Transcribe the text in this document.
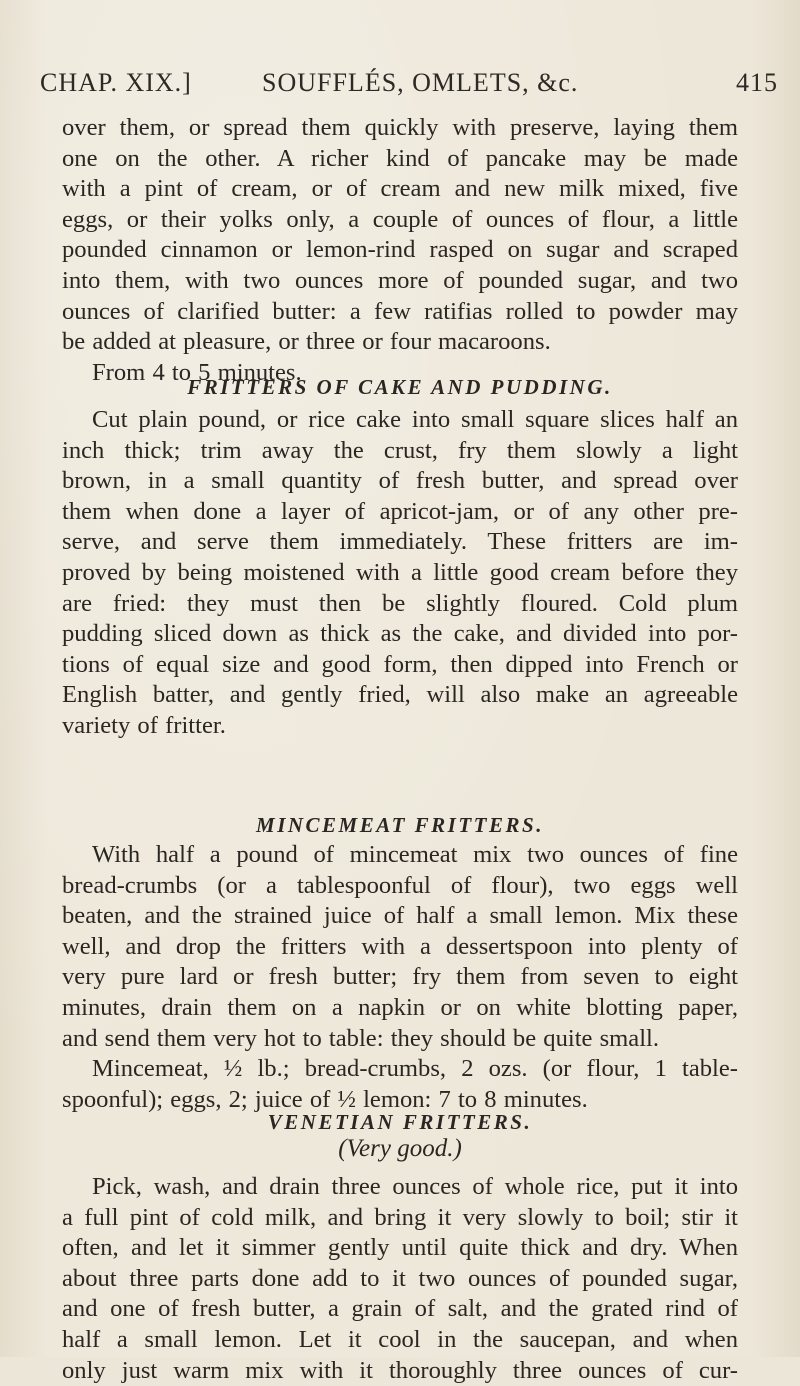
CHAP. XIX.]	SOUFFLÉS, OMLETS, &c.	415
over them, or spread them quickly with preserve, laying them
one on the other. A richer kind of pancake may be made
with a pint of cream, or of cream and new milk mixed, five
eggs, or their yolks only, a couple of ounces of flour, a little
pounded cinnamon or lemon-rind rasped on sugar and scraped
into them, with two ounces more of pounded sugar, and two
ounces of clarified butter: a few ratifias rolled to powder may
be added at pleasure, or three or four macaroons.
From 4 to 5 minutes.
FRITTERS OF CAKE AND PUDDING.
Cut plain pound, or rice cake into small square slices half an
inch thick; trim away the crust, fry them slowly a light
brown, in a small quantity of fresh butter, and spread over
them when done a layer of apricot-jam, or of any other pre-
serve, and serve them immediately. These fritters are im-
proved by being moistened with a little good cream before they
are fried: they must then be slightly floured. Cold plum
pudding sliced down as thick as the cake, and divided into por-
tions of equal size and good form, then dipped into French or
English batter, and gently fried, will also make an agreeable
variety of fritter.
MINCEMEAT FRITTERS.
With half a pound of mincemeat mix two ounces of fine
bread-crumbs (or a tablespoonful of flour), two eggs well
beaten, and the strained juice of half a small lemon. Mix these
well, and drop the fritters with a dessertspoon into plenty of
very pure lard or fresh butter; fry them from seven to eight
minutes, drain them on a napkin or on white blotting paper,
and send them very hot to table: they should be quite small.
Mincemeat, ½ lb.; bread-crumbs, 2 ozs. (or flour, 1 table-
spoonful); eggs, 2; juice of ½ lemon: 7 to 8 minutes.
VENETIAN FRITTERS.
(Very good.)
Pick, wash, and drain three ounces of whole rice, put it into
a full pint of cold milk, and bring it very slowly to boil; stir it
often, and let it simmer gently until quite thick and dry. When
about three parts done add to it two ounces of pounded sugar,
and one of fresh butter, a grain of salt, and the grated rind of
half a small lemon. Let it cool in the saucepan, and when
only just warm mix with it thoroughly three ounces of cur-
